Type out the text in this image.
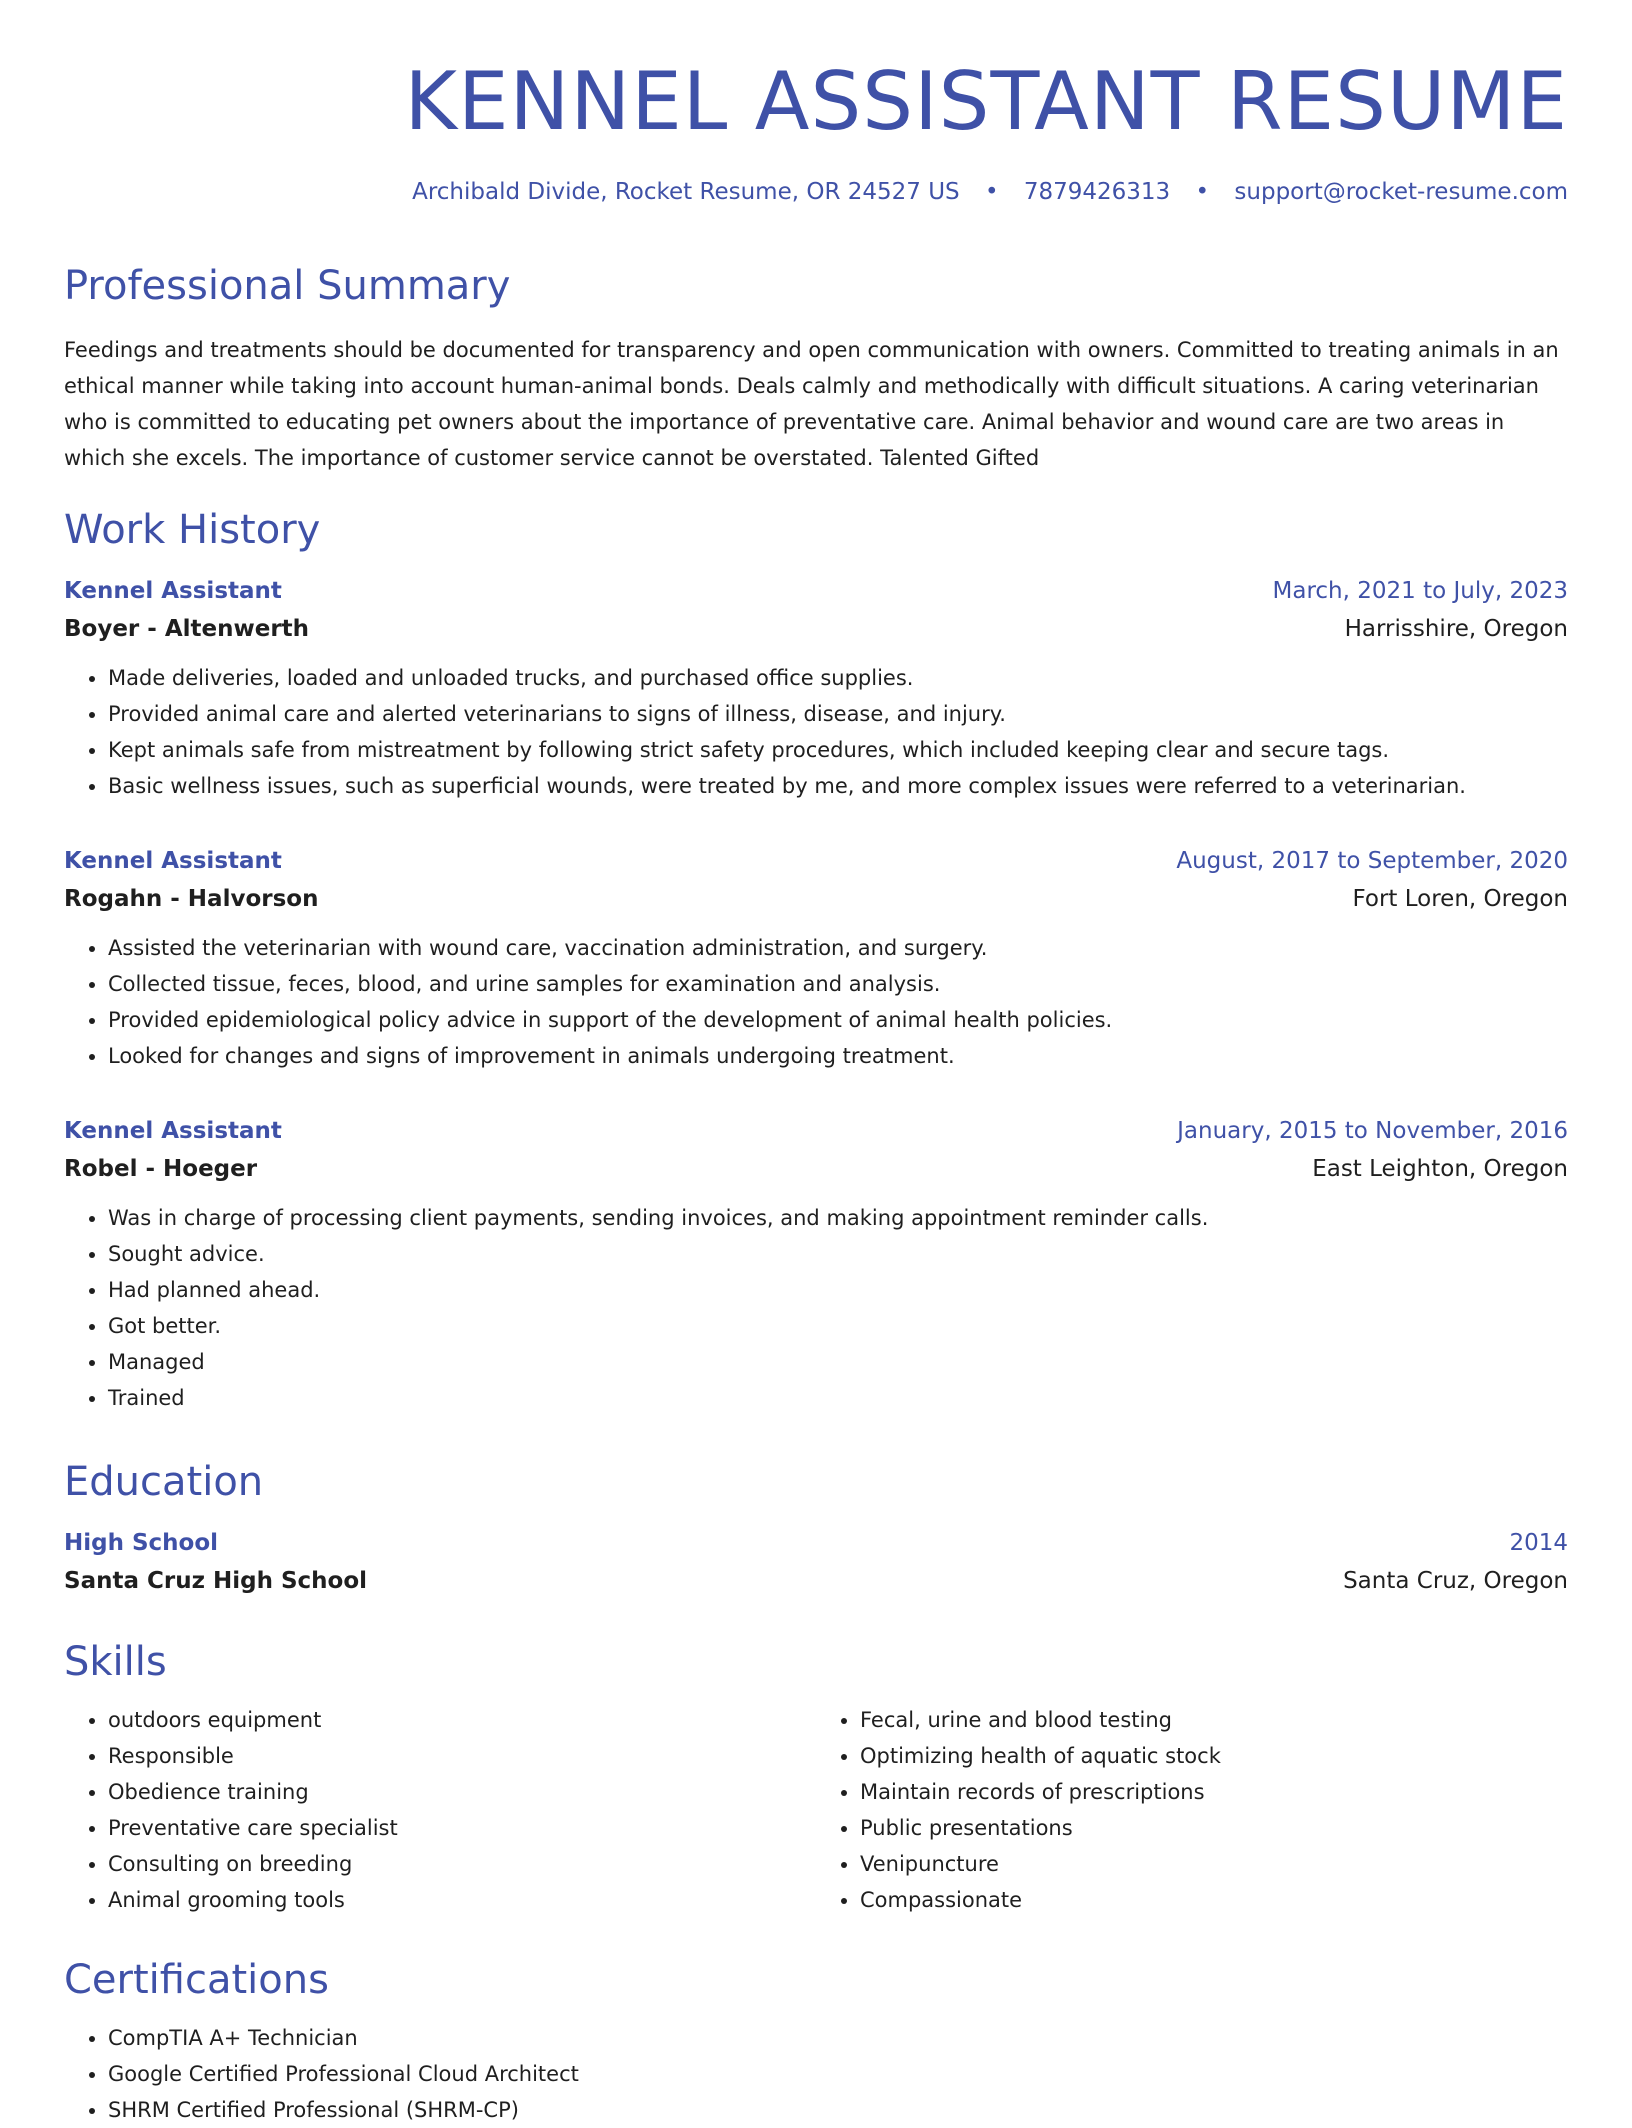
KENNEL ASSISTANT RESUME
Archibald Divide, Rocket Resume, OR 24527 US • 7879426313 • support@rocket-resume.com
Professional Summary

Feedings and treatments should be documented for transparency and open communication with owners. Committed to treating animals in an ethical manner while taking into account human-animal bonds. Deals calmly and methodically with difficult situations. A caring veterinarian who is committed to educating pet owners about the importance of preventative care. Animal behavior and wound care are two areas in which she excels. The importance of customer service cannot be overstated. Talented Gifted

Work History
Kennel Assistant	March, 2021 to July, 2023
Boyer - Altenwerth	Harrisshire, Oregon
• Made deliveries, loaded and unloaded trucks, and purchased office supplies.
• Provided animal care and alerted veterinarians to signs of illness, disease, and injury.
• Kept animals safe from mistreatment by following strict safety procedures, which included keeping clear and secure tags.
• Basic wellness issues, such as superficial wounds, were treated by me, and more complex issues were referred to a veterinarian.
Kennel Assistant	August, 2017 to September, 2020
Rogahn - Halvorson	Fort Loren, Oregon
• Assisted the veterinarian with wound care, vaccination administration, and surgery.
• Collected tissue, feces, blood, and urine samples for examination and analysis.
• Provided epidemiological policy advice in support of the development of animal health policies.
• Looked for changes and signs of improvement in animals undergoing treatment.
Kennel Assistant	January, 2015 to November, 2016
Robel - Hoeger	East Leighton, Oregon
• Was in charge of processing client payments, sending invoices, and making appointment reminder calls.
• Sought advice.
• Had planned ahead.
• Got better.
• Managed
• Trained
Education
High School	2014
Santa Cruz High School	Santa Cruz, Oregon
Skills
• outdoors equipment
• Responsible
• Obedience training
• Preventative care specialist
• Consulting on breeding
• Animal grooming tools
• Fecal, urine and blood testing
• Optimizing health of aquatic stock
• Maintain records of prescriptions
• Public presentations
• Venipuncture
• Compassionate
Certifications
• CompTIA A+ Technician
• Google Certified Professional Cloud Architect
• SHRM Certified Professional (SHRM-CP)
